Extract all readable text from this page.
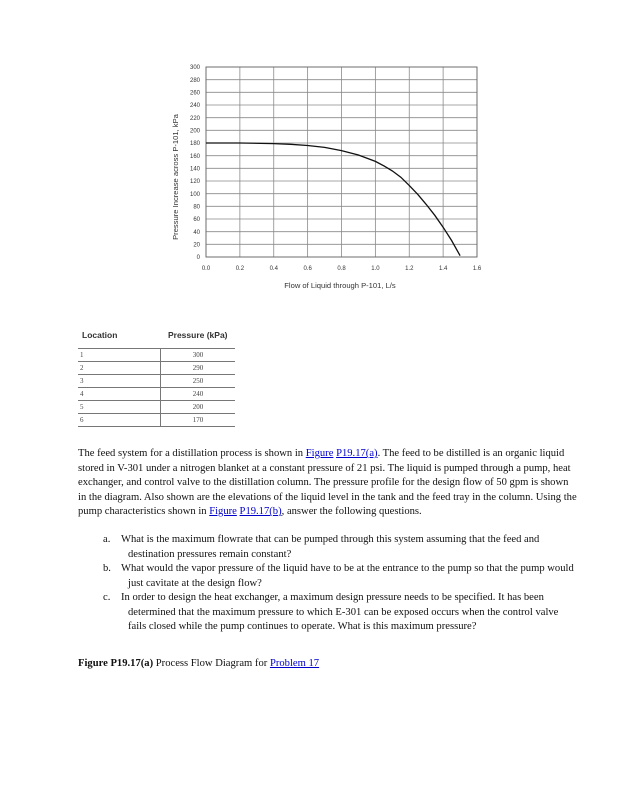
0
20
40
60
80
100
120
140
160
180
200
220
240
260
280
300
0.0	0.2	0.4	0.6	0.8	1.0	1.2	1.4	1.6
Flow of Liquid through P-101, L/s
Pressure Increase across P-101, kPa
Location	Pressure (kPa)
1	300
2	290
3	250
4	240
5	200
6	170

The feed system for a distillation process is shown in Figure P19.17(a). The feed to be distilled is an organic liquid stored in V-301 under a nitrogen blanket at a constant pressure of 21 psi. The liquid is pumped through a pump, heat exchanger, and control valve to the distillation column. The pressure profile for the design flow of 50 gpm is shown in the diagram. Also shown are the elevations of the liquid level in the tank and the feed tray in the column. Using the pump characteristics shown in Figure P19.17(b), answer the following questions.

a. What is the maximum flowrate that can be pumped through this system assuming that the feed and destination pressures remain constant?
b. What would the vapor pressure of the liquid have to be at the entrance to the pump so that the pump would just cavitate at the design flow?
c. In order to design the heat exchanger, a maximum design pressure needs to be specified. It has been determined that the maximum pressure to which E-301 can be exposed occurs when the control valve fails closed while the pump continues to operate. What is this maximum pressure?

Figure P19.17(a) Process Flow Diagram for Problem 17
